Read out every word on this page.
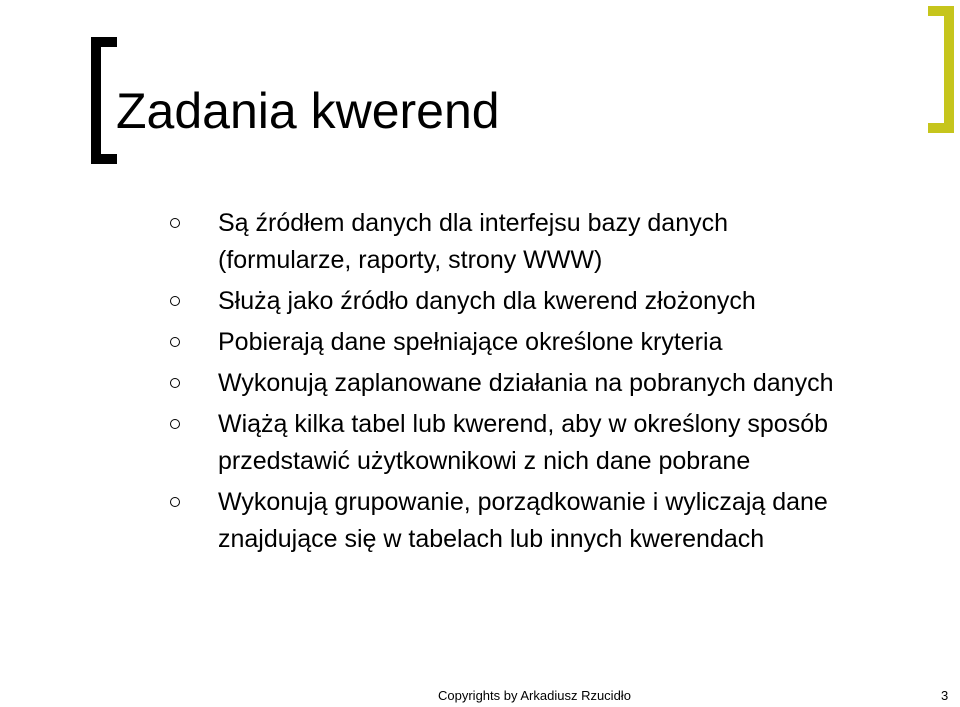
Zadania kwerend
Są źródłem danych dla interfejsu bazy danych
(formularze, raporty, strony WWW)
Służą jako źródło danych dla kwerend złożonych
Pobierają dane spełniające określone kryteria
Wykonują zaplanowane działania na pobranych danych
Wiążą kilka tabel lub kwerend, aby w określony sposób
przedstawić użytkownikowi z nich dane pobrane
Wykonują grupowanie, porządkowanie i wyliczają dane
znajdujące się w tabelach lub innych kwerendach
Copyrights by Arkadiusz Rzucidło	3
